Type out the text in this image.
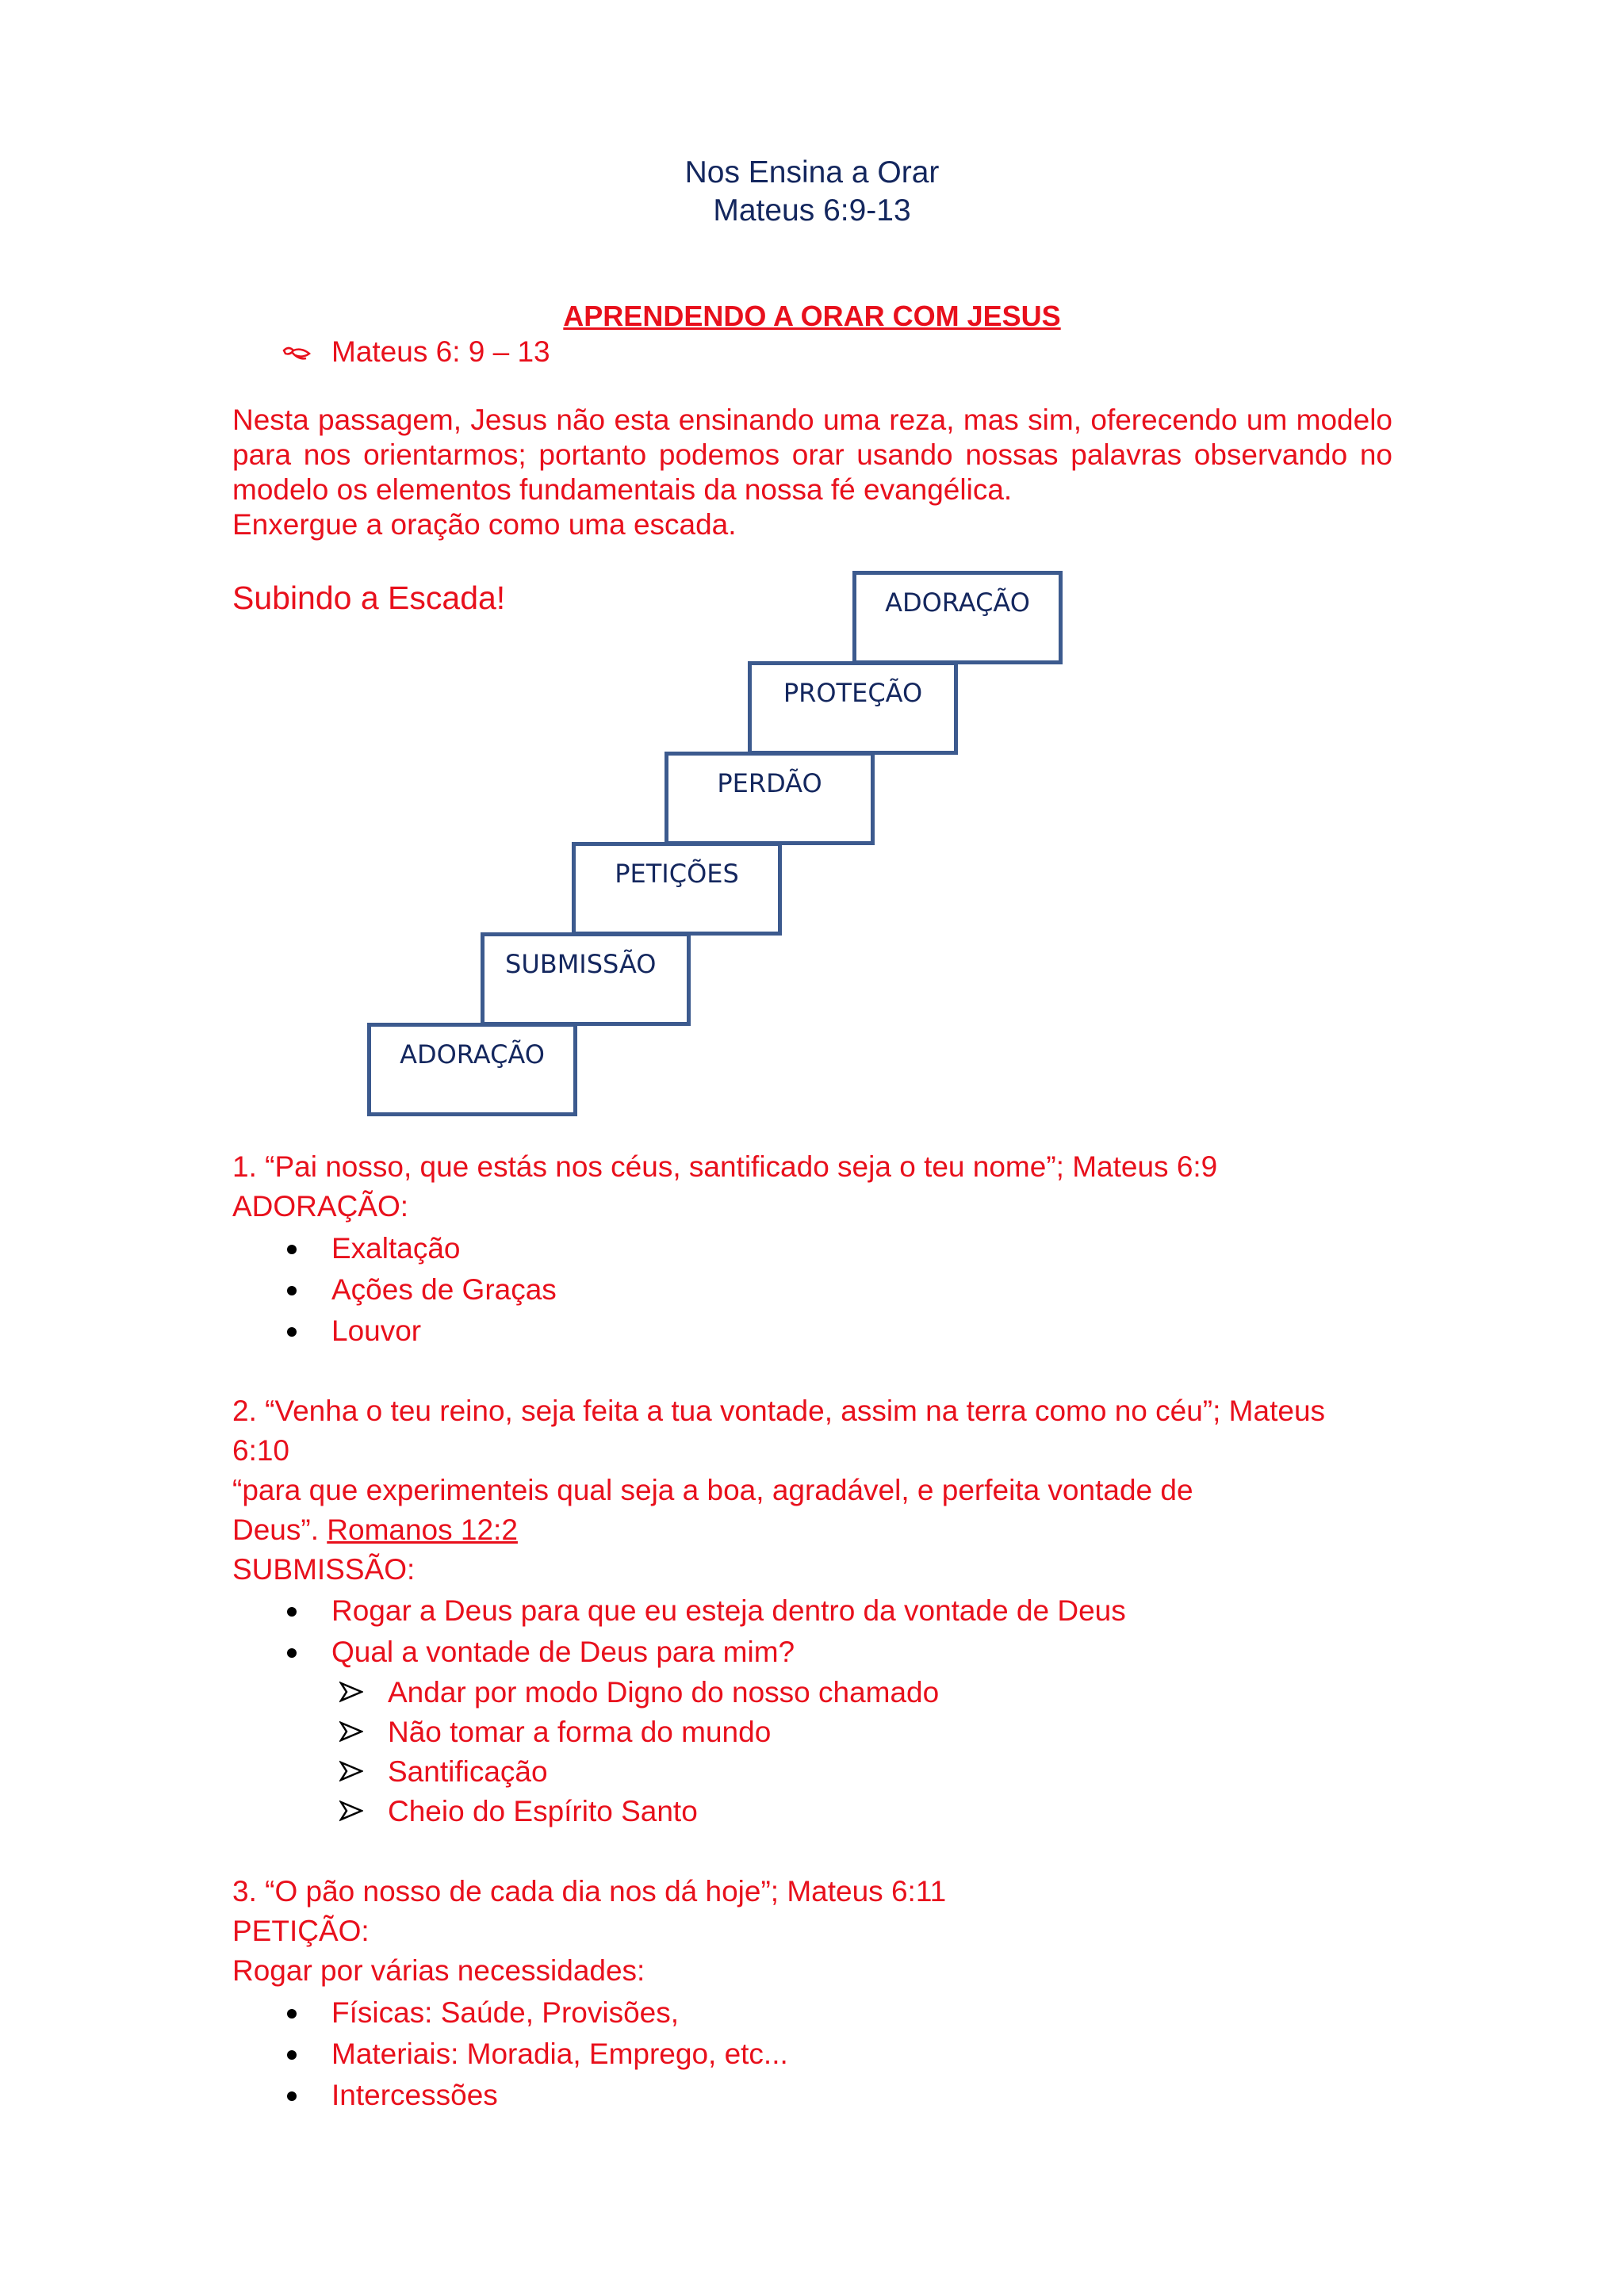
Nos Ensina a Orar
Mateus 6:9-13
APRENDENDO A ORAR COM JESUS
Mateus 6: 9 – 13
Nesta passagem, Jesus não esta ensinando uma reza, mas sim, oferecendo um modelo para nos orientarmos; portanto podemos orar usando nossas palavras observando no modelo os elementos fundamentais da nossa fé evangélica.
Enxergue a oração como uma escada.
Subindo a Escada!	ADORAÇÃO
PROTEÇÃO
PERDÃO
PETIÇÕES
SUBMISSÃO
ADORAÇÃO
1. “Pai nosso, que estás nos céus, santificado seja o teu nome”; Mateus 6:9
ADORAÇÃO:
Exaltação
Ações de Graças
Louvor
2. “Venha o teu reino, seja feita a tua vontade, assim na terra como no céu”; Mateus
6:10
“para que experimenteis qual seja a boa, agradável, e perfeita vontade de
Deus”. Romanos 12:2
SUBMISSÃO:
Rogar a Deus para que eu esteja dentro da vontade de Deus
Qual a vontade de Deus para mim?
Andar por modo Digno do nosso chamado
Não tomar a forma do mundo
Santificação
Cheio do Espírito Santo
3. “O pão nosso de cada dia nos dá hoje”; Mateus 6:11
PETIÇÃO:
Rogar por várias necessidades:
Físicas: Saúde, Provisões,
Materiais: Moradia, Emprego, etc...
Intercessões
